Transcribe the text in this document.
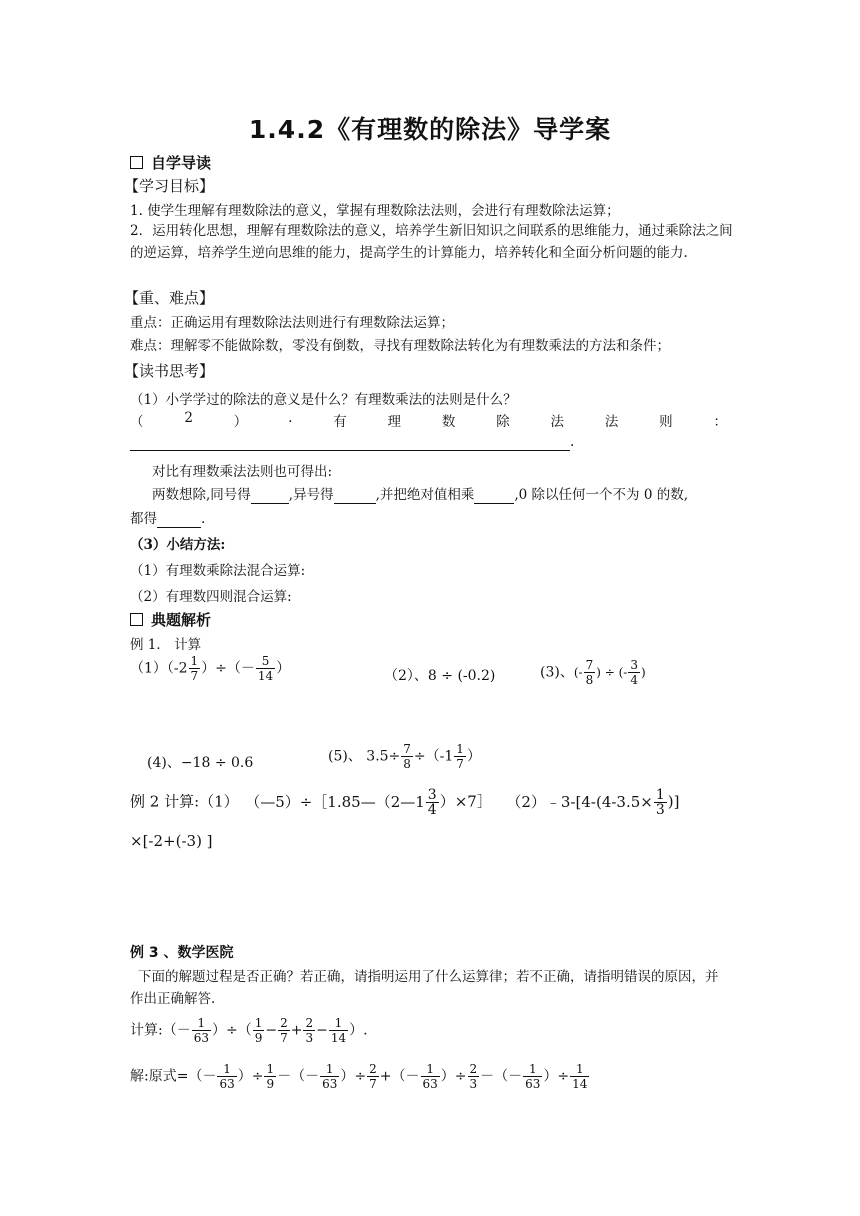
1.4.2《有理数的除法》导学案
自学导读
【学习目标】
1. 使学生理解有理数除法的意义，掌握有理数除法法则，会进行有理数除法运算；
2．运用转化思想，理解有理数除法的意义，培养学生新旧知识之间联系的思维能力，通过乘除法之间的逆运算，培养学生逆向思维的能力，提高学生的计算能力，培养转化和全面分析问题的能力.
【重、难点】
重点：正确运用有理数除法法则进行有理数除法运算；
难点：理解零不能做除数，零没有倒数，寻找有理数除法转化为有理数乘法的方法和条件；
【读书思考】
（1）小学学过的除法的意义是什么？有理数乘法的法则是什么？
（	2	）	.	有	理	数	除	法	法	则	：
.
对比有理数乘法法则也可得出:
两数想除,同号得	,异号得	,并把绝对值相乘	,0 除以任何一个不为 0 的数,
都得	.
（3）小结方法:
（1）有理数乘除法混合运算:
（2）有理数四则混合运算:
典题解析
例 1． 计算
$(1)(-2 \frac{1}{7}$ ）÷（－ $\frac{5}{14}$ ）	（2）、8 ÷ (-0.2)	(3)、(- $\frac{7}{8}$ ) ÷ (- $\frac{3}{4}$ )
(4)、−18 ÷ 0.6	(5)、 $3.5\div \frac{7}{8} \div(-1 \frac{1}{7}$ ）
例 2 计算:（1） （—5）÷［1.85—（2—1 $\frac{3}{4}$ ）×7］ （2）﹣3-[4-(4-3.5× $\frac{1}{3}$ )]
×[-2+(-3) ]
例 3 、数学医院
下面的解题过程是否正确？若正确，请指明运用了什么运算律；若不正确，请指明错误的原因，并作出正确解答.
计算:（－ $\frac{1}{63}$ ）÷（ $\frac{1}{9} - \frac{2}{7} + \frac{2}{3} - \frac{1}{14}$ ）.
解:原式=（－ $\frac{1}{63}$ ）÷ $\frac{1}{9}$ －（－ $\frac{1}{63}$ ）÷ $\frac{2}{7}$ +（－ $\frac{1}{63}$ ）÷ $\frac{2}{3}$ －（－ $\frac{1}{63}$ ）÷ $\frac{1}{14}$
